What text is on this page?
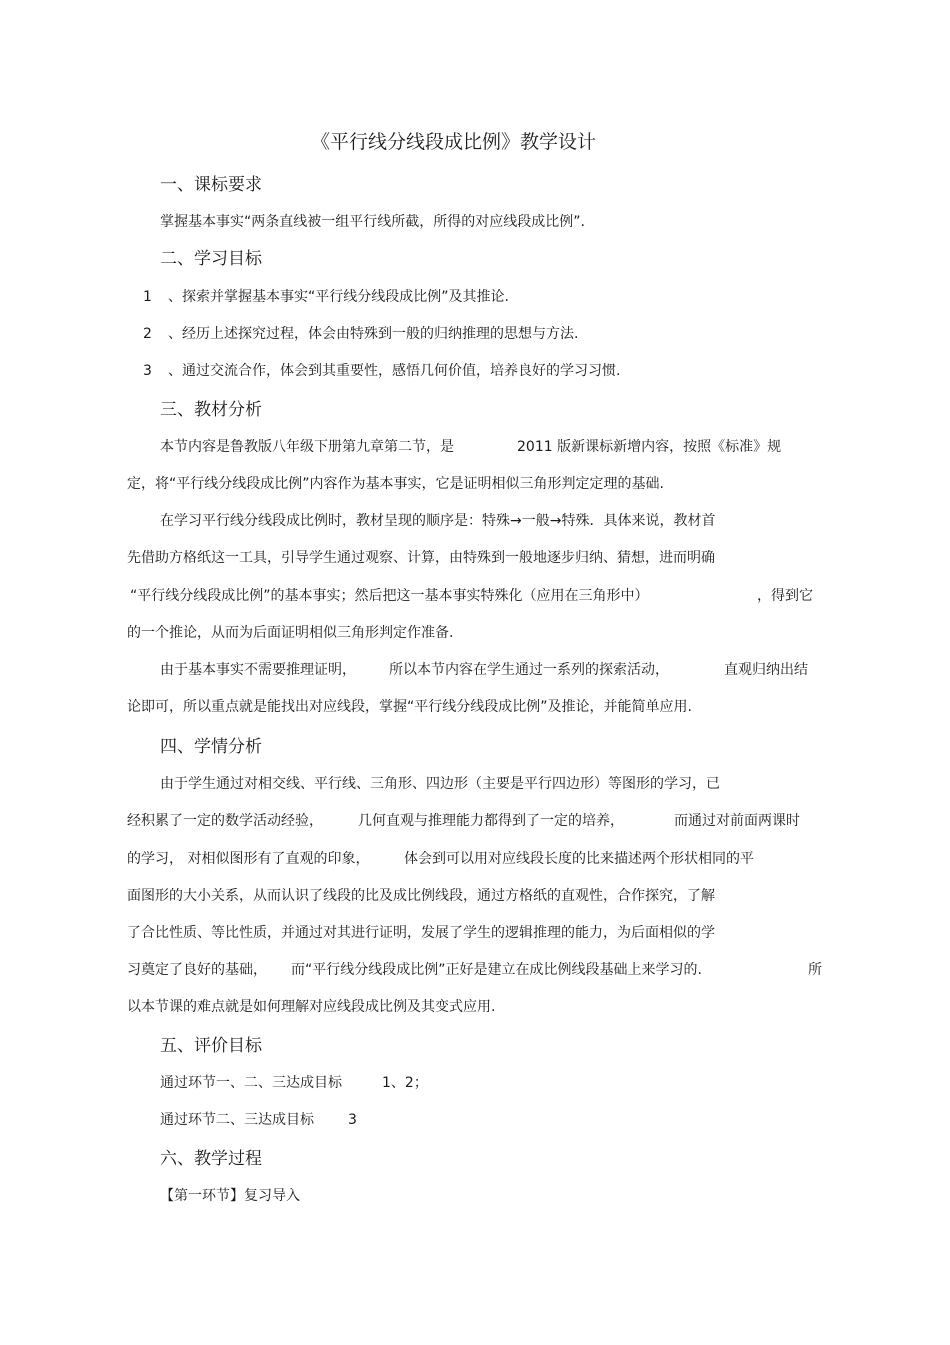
《平行线分线段成比例》教学设计
一、课标要求
掌握基本事实“两条直线被一组平行线所截，所得的对应线段成比例”.
二、学习目标
1 、探索并掌握基本事实“平行线分线段成比例”及其推论.
2 、经历上述探究过程，体会由特殊到一般的归纳推理的思想与方法.
3 、通过交流合作，体会到其重要性，感悟几何价值，培养良好的学习习惯.
三、教材分析
本节内容是鲁教版八年级下册第九章第二节，是	2011 版新课标新增内容，按照《标准》规
定，将“平行线分线段成比例”内容作为基本事实，它是证明相似三角形判定定理的基础.
在学习平行线分线段成比例时，教材呈现的顺序是：特殊→一般→特殊．具体来说，教材首
先借助方格纸这一工具，引导学生通过观察、计算，由特殊到一般地逐步归纳、猜想，进而明确
“平行线分线段成比例”的基本事实；然后把这一基本事实特殊化（应用在三角形中）	，得到它
的一个推论，从而为后面证明相似三角形判定作准备.
由于基本事实不需要推理证明， 所以本节内容在学生通过一系列的探索活动，	直观归纳出结
论即可，所以重点就是能找出对应线段，掌握“平行线分线段成比例”及推论，并能简单应用.
四、学情分析
由于学生通过对相交线、平行线、三角形、四边形（主要是平行四边形）等图形的学习，已
经积累了一定的数学活动经验，	几何直观与推理能力都得到了一定的培养，	而通过对前面两课时
的学习， 对相似图形有了直观的印象， 体会到可以用对应线段长度的比来描述两个形状相同的平
面图形的大小关系，从而认识了线段的比及成比例线段，通过方格纸的直观性，合作探究，了解
了合比性质、等比性质，并通过对其进行证明，发展了学生的逻辑推理的能力，为后面相似的学
习奠定了良好的基础， 而“平行线分线段成比例”正好是建立在成比例线段基础上来学习的.	所
以本节课的难点就是如何理解对应线段成比例及其变式应用.
五、评价目标
通过环节一、二、三达成目标	1、2；
通过环节二、三达成目标 3
六、教学过程
【第一环节】复习导入
